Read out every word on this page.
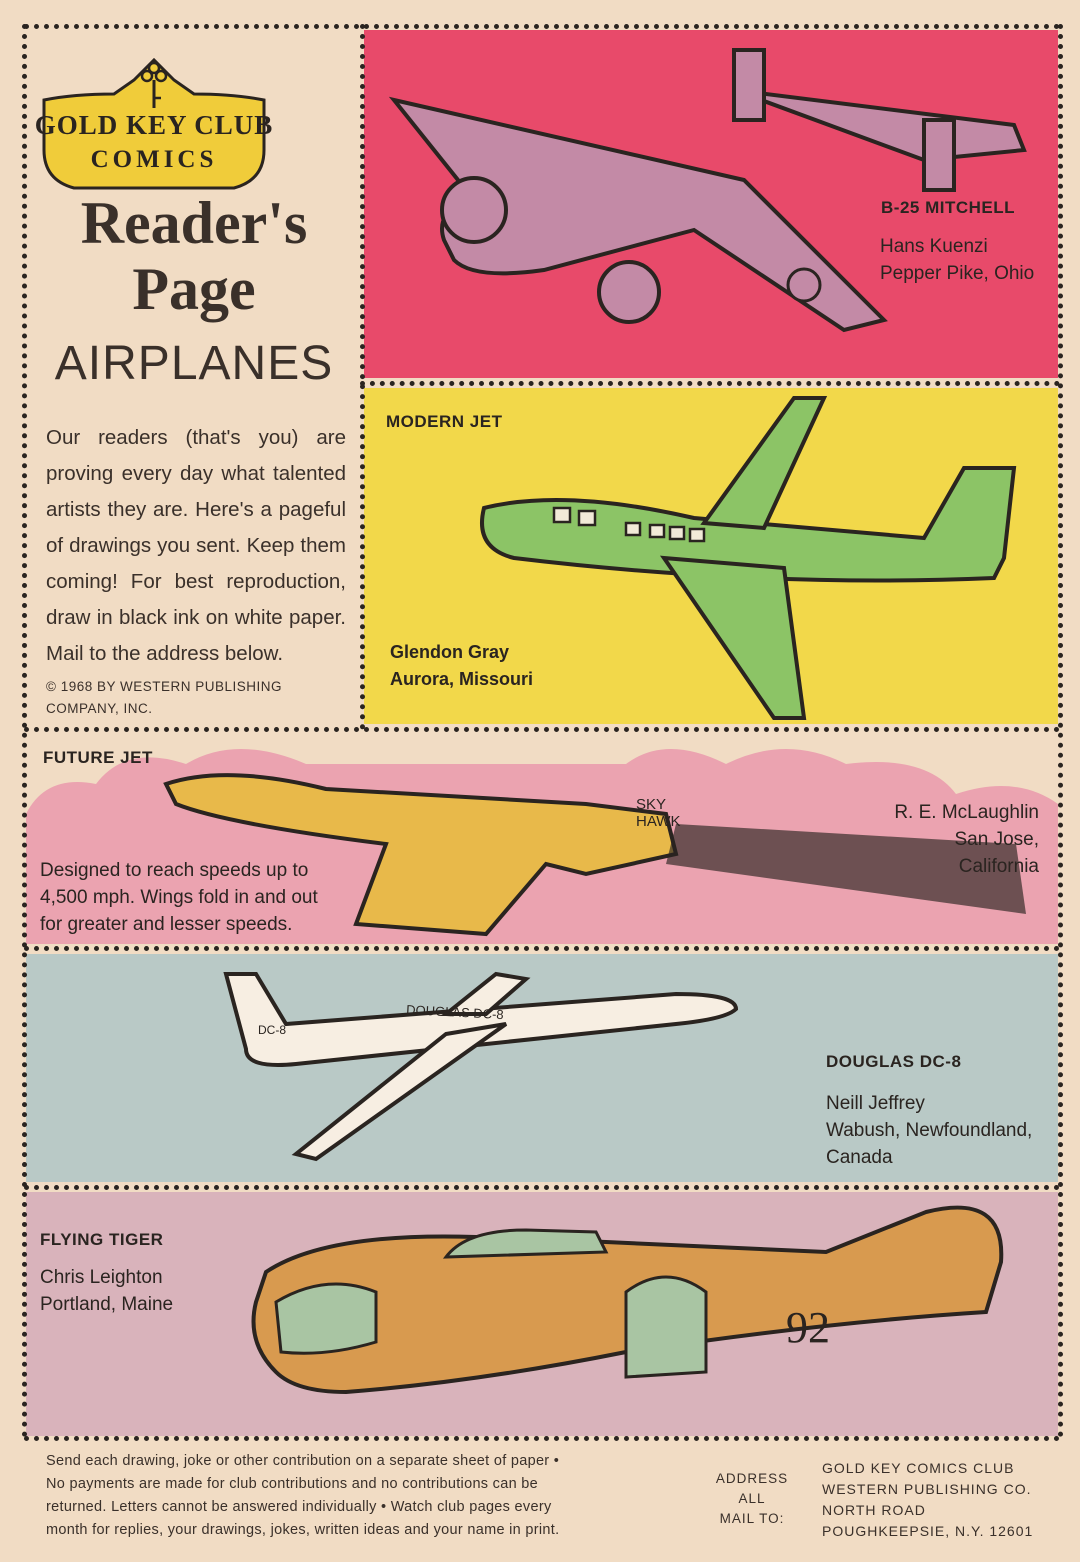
GOLD KEY CLUB
COMICS
Reader's
Page
AIRPLANES
Our readers (that's you) are proving every day what talented artists they are. Here's a pageful of drawings you sent. Keep them coming! For best reproduction, draw in black ink on white paper. Mail to the address below.
© 1968 BY WESTERN PUBLISHING COMPANY, INC.
B-25 MITCHELL
Hans Kuenzi
Pepper Pike, Ohio
MODERN JET
Glendon Gray
Aurora, Missouri
SKY
HAWK
FUTURE JET
R. E. McLaughlin
San Jose, California
Designed to reach speeds up to
4,500 mph. Wings fold in and out
for greater and lesser speeds.
DOUGLAS DC-8
DC-8
DOUGLAS DC-8
Neill Jeffrey
Wabush, Newfoundland,
Canada
92
FLYING TIGER
Chris Leighton
Portland, Maine
Send each drawing, joke or other contribution on a separate sheet of paper •
No payments are made for club contributions and no contributions can be
returned. Letters cannot be answered individually • Watch club pages every
month for replies, your drawings, jokes, written ideas and your name in print.
ADDRESS
ALL
MAIL TO:
GOLD KEY COMICS CLUB
WESTERN PUBLISHING CO.
NORTH ROAD
POUGHKEEPSIE, N.Y. 12601
